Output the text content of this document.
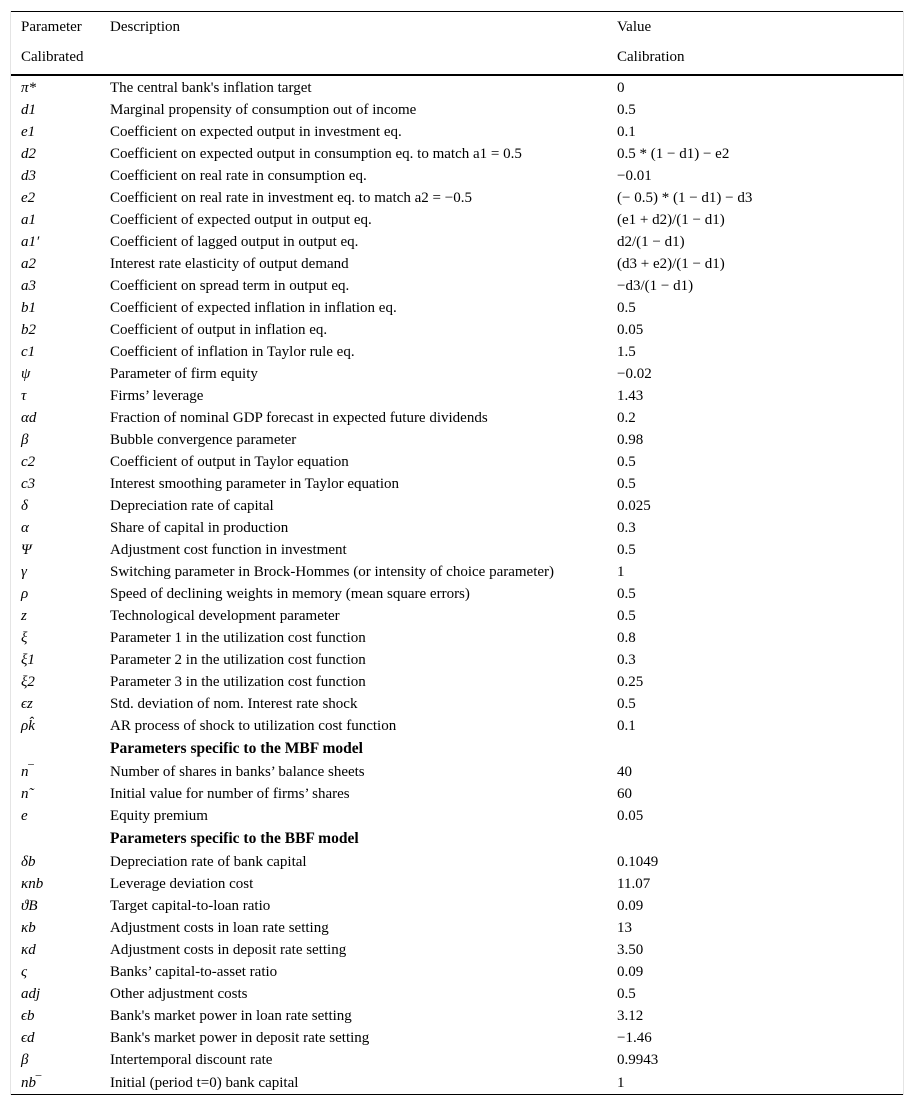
Parameter	Description	Value
Calibrated		Calibration
π*	The central bank's inflation target	0
d1	Marginal propensity of consumption out of income	0.5
e1	Coefficient on expected output in investment eq.	0.1
d2	Coefficient on expected output in consumption eq. to match a1 = 0.5	0.5 * (1 − d1) − e2
d3	Coefficient on real rate in consumption eq.	−0.01
e2	Coefficient on real rate in investment eq. to match a2 = −0.5	(− 0.5) * (1 − d1) − d3
a1	Coefficient of expected output in output eq.	(e1 + d2)/(1 − d1)
a1′	Coefficient of lagged output in output eq.	d2/(1 − d1)
a2	Interest rate elasticity of output demand	(d3 + e2)/(1 − d1)
a3	Coefficient on spread term in output eq.	−d3/(1 − d1)
b1	Coefficient of expected inflation in inflation eq.	0.5
b2	Coefficient of output in inflation eq.	0.05
c1	Coefficient of inflation in Taylor rule eq.	1.5
ψ	Parameter of firm equity	−0.02
τ	Firms’ leverage	1.43
αd	Fraction of nominal GDP forecast in expected future dividends	0.2
β	Bubble convergence parameter	0.98
c2	Coefficient of output in Taylor equation	0.5
c3	Interest smoothing parameter in Taylor equation	0.5
δ	Depreciation rate of capital	0.025
α	Share of capital in production	0.3
Ψ	Adjustment cost function in investment	0.5
γ	Switching parameter in Brock-Hommes (or intensity of choice parameter)	1
ρ	Speed of declining weights in memory (mean square errors)	0.5
z	Technological development parameter	0.5
ξ	Parameter 1 in the utilization cost function	0.8
ξ1	Parameter 2 in the utilization cost function	0.3
ξ2	Parameter 3 in the utilization cost function	0.25
ϵz	Std. deviation of nom. Interest rate shock	0.5
ρk̂	AR process of shock to utilization cost function	0.1
	Parameters specific to the MBF model	
n‾	Number of shares in banks’ balance sheets	40
n˜	Initial value for number of firms’ shares	60
e	Equity premium	0.05
	Parameters specific to the BBF model	
δb	Depreciation rate of bank capital	0.1049
κnb	Leverage deviation cost	11.07
ϑB	Target capital-to-loan ratio	0.09
κb	Adjustment costs in loan rate setting	13
κd	Adjustment costs in deposit rate setting	3.50
ς	Banks’ capital-to-asset ratio	0.09
adj	Other adjustment costs	0.5
ϵb	Bank's market power in loan rate setting	3.12
ϵd	Bank's market power in deposit rate setting	−1.46
β	Intertemporal discount rate	0.9943
nb‾	Initial (period t=0) bank capital	1
